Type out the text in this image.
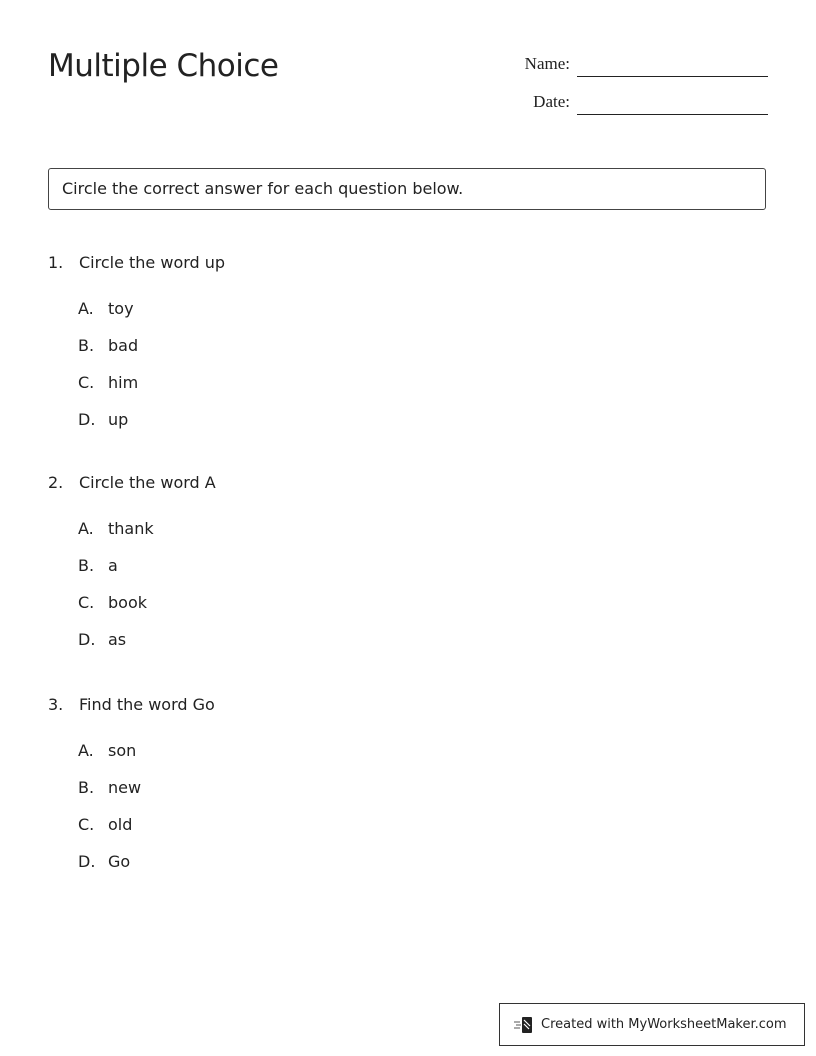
Multiple Choice	Name:
Date:
Circle the correct answer for each question below.
1. Circle the word up
A. toy
B. bad
C. him
D. up
2. Circle the word A
A. thank
B. a
C. book
D. as
3. Find the word Go
A. son
B. new
C. old
D. Go
Created with MyWorksheetMaker.com
